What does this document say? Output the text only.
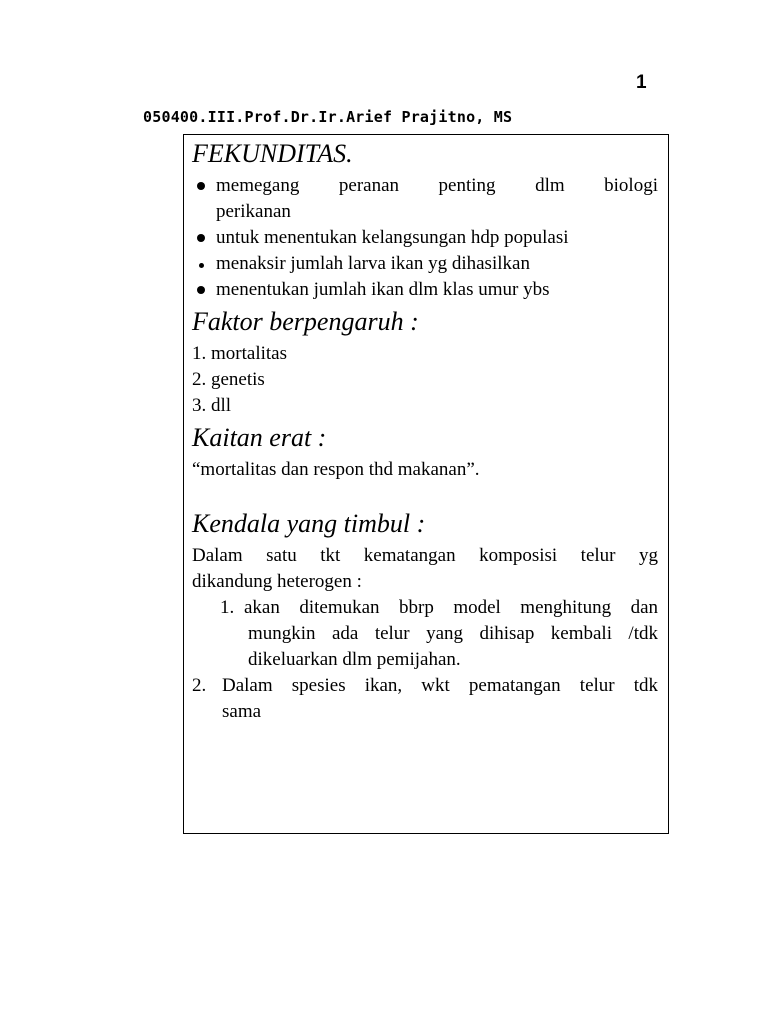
1
050400.III.Prof.Dr.Ir.Arief Prajitno, MS
FEKUNDITAS.
memegang peranan penting dlm biologi
perikanan
untuk menentukan kelangsungan hdp populasi
menaksir jumlah larva ikan yg dihasilkan
menentukan jumlah ikan dlm klas umur ybs
Faktor berpengaruh :
1. mortalitas
2. genetis
3. dll
Kaitan erat :
“mortalitas dan respon thd makanan”.
Kendala yang timbul :
Dalam satu tkt kematangan komposisi telur yg
dikandung heterogen :
1. akan ditemukan bbrp model menghitung dan
mungkin ada telur yang dihisap kembali /tdk
dikeluarkan dlm pemijahan.
2. Dalam spesies ikan, wkt pematangan telur tdk
sama
